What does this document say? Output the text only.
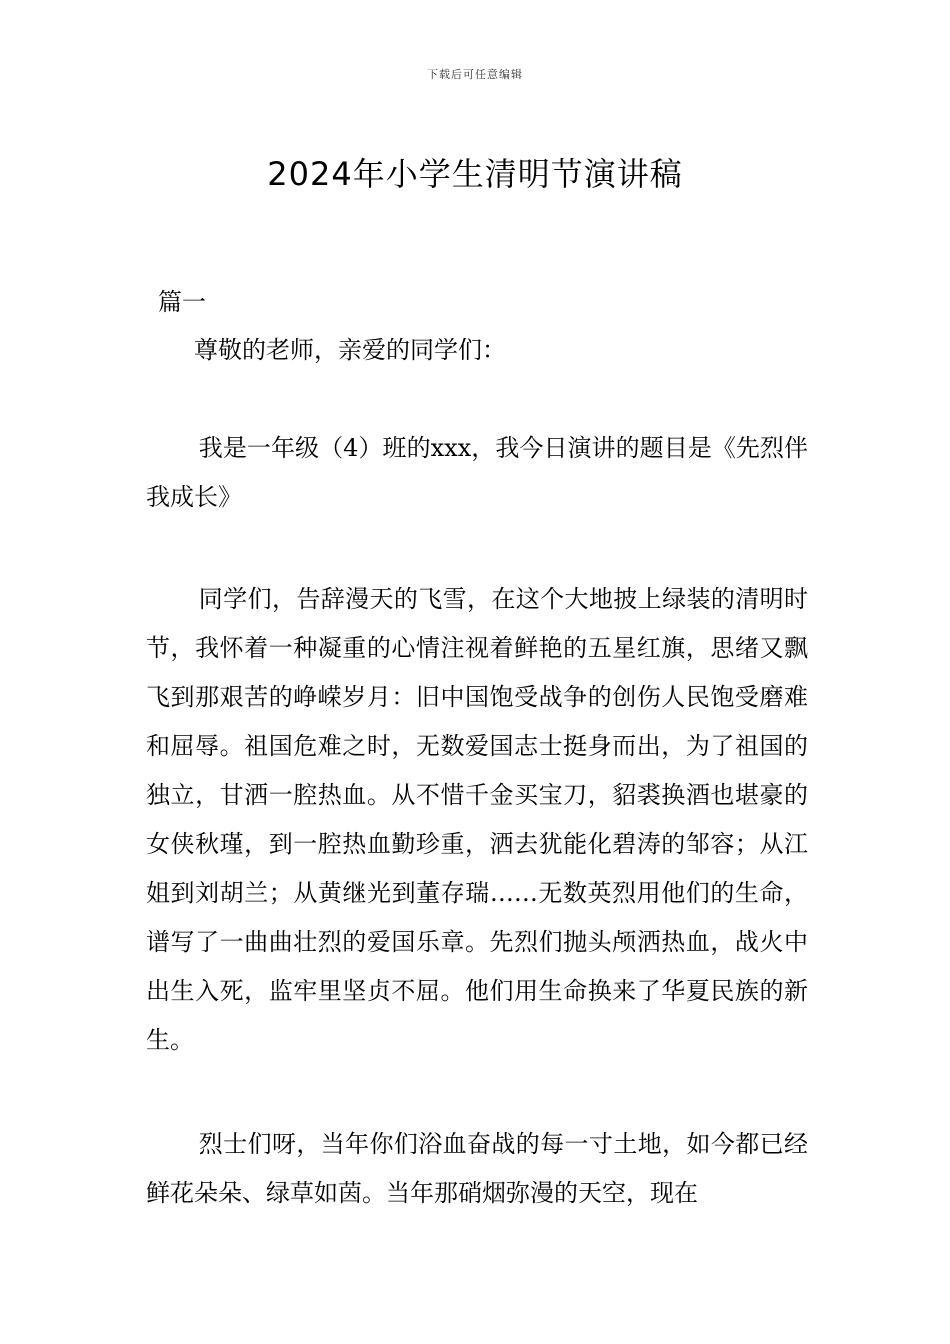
下载后可任意编辑
2024年小学生清明节演讲稿
篇一

尊敬的老师，亲爱的同学们：

我是一年级（4）班的xxx，我今日演讲的题目是《先烈伴我成长》

同学们，告辞漫天的飞雪，在这个大地披上绿装的清明时节，我怀着一种凝重的心情注视着鲜艳的五星红旗，思绪又飘飞到那艰苦的峥嵘岁月：旧中国饱受战争的创伤人民饱受磨难和屈辱。祖国危难之时，无数爱国志士挺身而出，为了祖国的独立，甘洒一腔热血。从不惜千金买宝刀，貂裘换酒也堪豪的女侠秋瑾，到一腔热血勤珍重，洒去犹能化碧涛的邹容；从江姐到刘胡兰；从黄继光到董存瑞……无数英烈用他们的生命，谱写了一曲曲壮烈的爱国乐章。先烈们抛头颅洒热血，战火中出生入死，监牢里坚贞不屈。他们用生命换来了华夏民族的新生。

烈士们呀，当年你们浴血奋战的每一寸土地，如今都已经鲜花朵朵、绿草如茵。当年那硝烟弥漫的天空，现在
